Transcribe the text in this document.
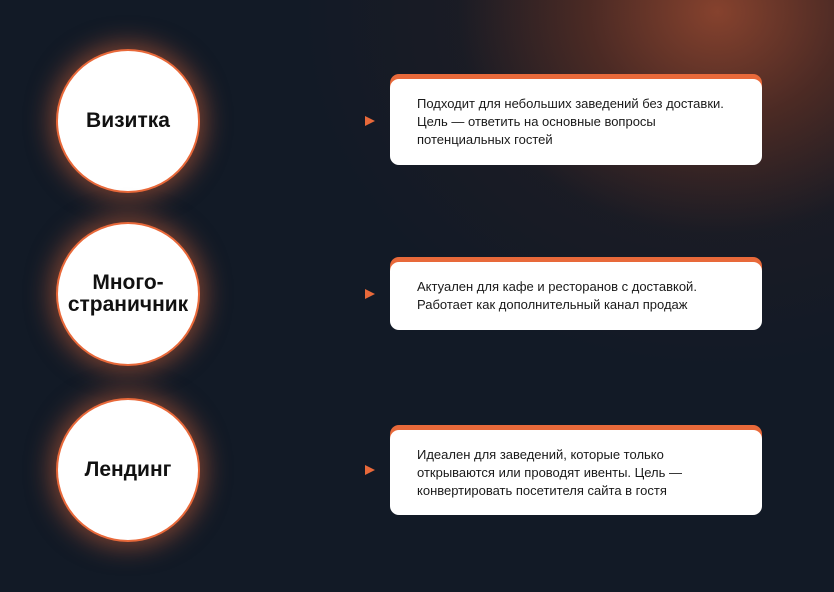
Визитка

Подходит для небольших заведений без доставки. Цель — ответить на основные вопросы потенциальных гостей

Много-
страничник

Актуален для кафе и ресторанов с доставкой. Работает как дополнительный канал продаж

Лендинг

Идеален для заведений, которые только открываются или проводят ивенты. Цель — конвертировать посетителя сайта в гостя
